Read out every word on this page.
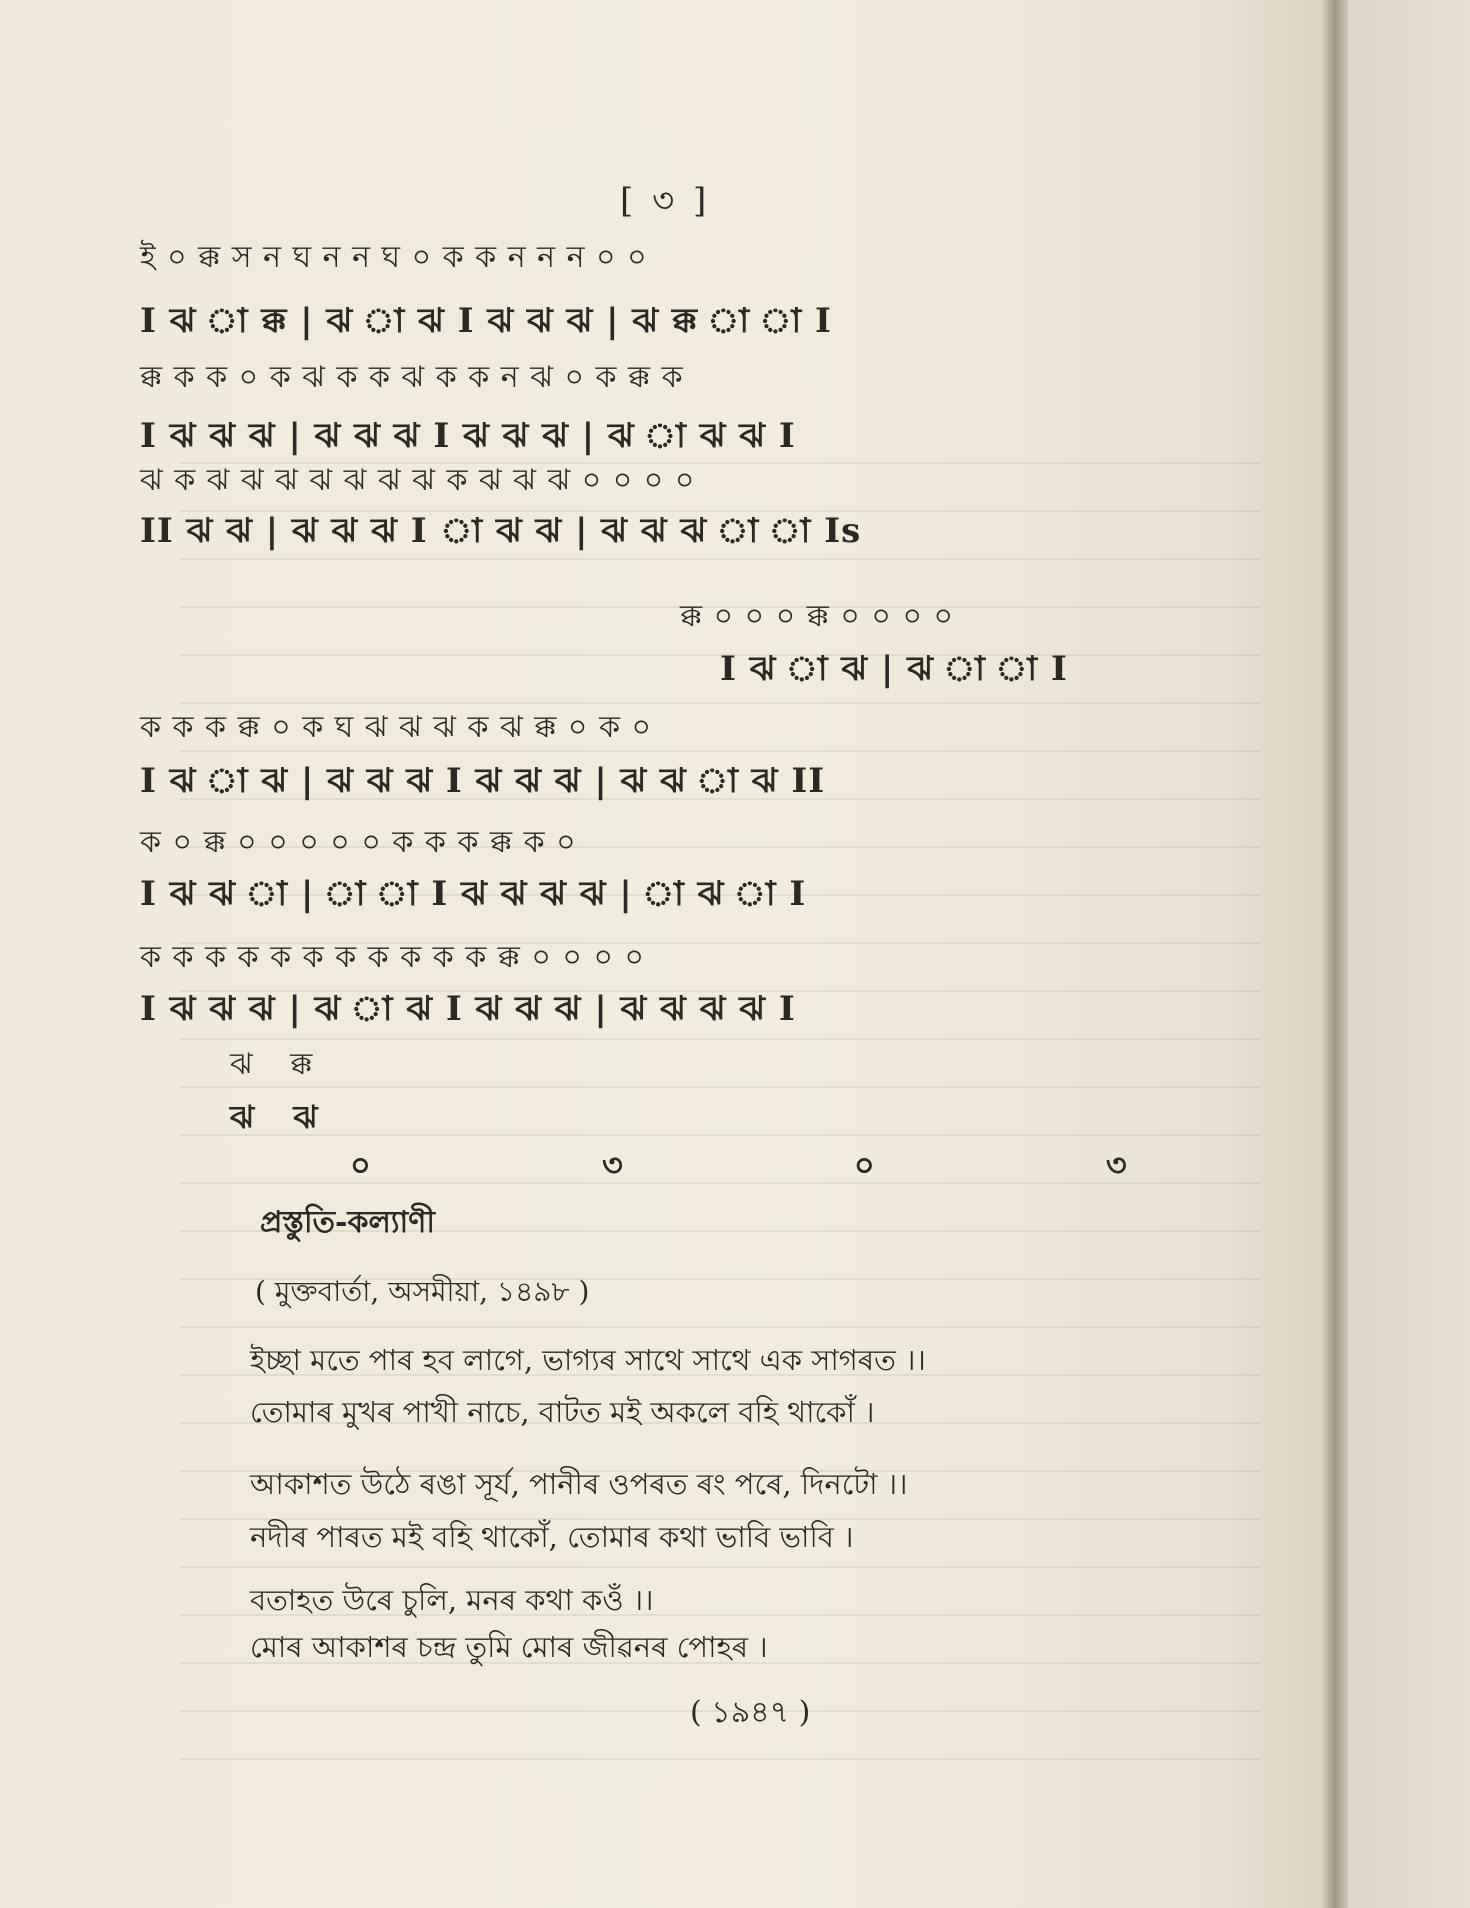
[ ৩ ]
ই ০ ক্ক স ন ঘ ন ন ঘ ০ ক ক ন ন ন ০ ০
I ঝ া ক্ক | ঝ া ঝ I ঝ ঝ ঝ | ঝ ক্ক া া I
ক্ক ক ক ০ ক ঝ ক ক ঝ ক ক ন ঝ ০ ক ক্ক ক
I ঝ ঝ ঝ | ঝ ঝ ঝ I ঝ ঝ ঝ | ঝ া ঝ ঝ I
ঝ ক ঝ ঝ ঝ ঝ ঝ ঝ ঝ ক ঝ ঝ ঝ ০ ০ ০ ০
II ঝ ঝ | ঝ ঝ ঝ I া ঝ ঝ | ঝ ঝ ঝ া া Is
ক্ক ০ ০ ০ ক্ক ০ ০ ০ ০
I ঝ া ঝ | ঝ া া I
ক ক ক ক্ক ০ ক ঘ ঝ ঝ ঝ ক ঝ ক্ক ০ ক ০
I ঝ া ঝ | ঝ ঝ ঝ I ঝ ঝ ঝ | ঝ ঝ া ঝ II
ক ০ ক্ক ০ ০ ০ ০ ০ ক ক ক ক্ক ক ০
I ঝ ঝ া | া া I ঝ ঝ ঝ ঝ | া ঝ া I
ক ক ক ক ক ক ক ক ক ক ক ক্ক ০ ০ ০ ০
I ঝ ঝ ঝ | ঝ া ঝ I ঝ ঝ ঝ | ঝ ঝ ঝ ঝ I
ঝ ক্ক
ঝ ঝ
০ ৩ ০ ৩
প্ৰস্তুতি-কল্যাণী
( মুক্তবাৰ্তা, অসমীয়া, ১৪৯৮ )
ইচ্ছা মতে পাৰ হব লাগে, ভাগ্যৰ সাথে সাথে এক সাগৰত ।।
তোমাৰ মুখৰ পাখী নাচে, বাটত মই অকলে বহি থাকোঁ ।
আকাশত উঠে ৰঙা সূৰ্য, পানীৰ ওপৰত ৰং পৰে, দিনটো ।।
নদীৰ পাৰত মই বহি থাকোঁ, তোমাৰ কথা ভাবি ভাবি ।
বতাহত উৰে চুলি, মনৰ কথা কওঁ ।।
মোৰ আকাশৰ চন্দ্ৰ তুমি মোৰ জীৱনৰ পোহৰ ।
( ১৯৪৭ )
